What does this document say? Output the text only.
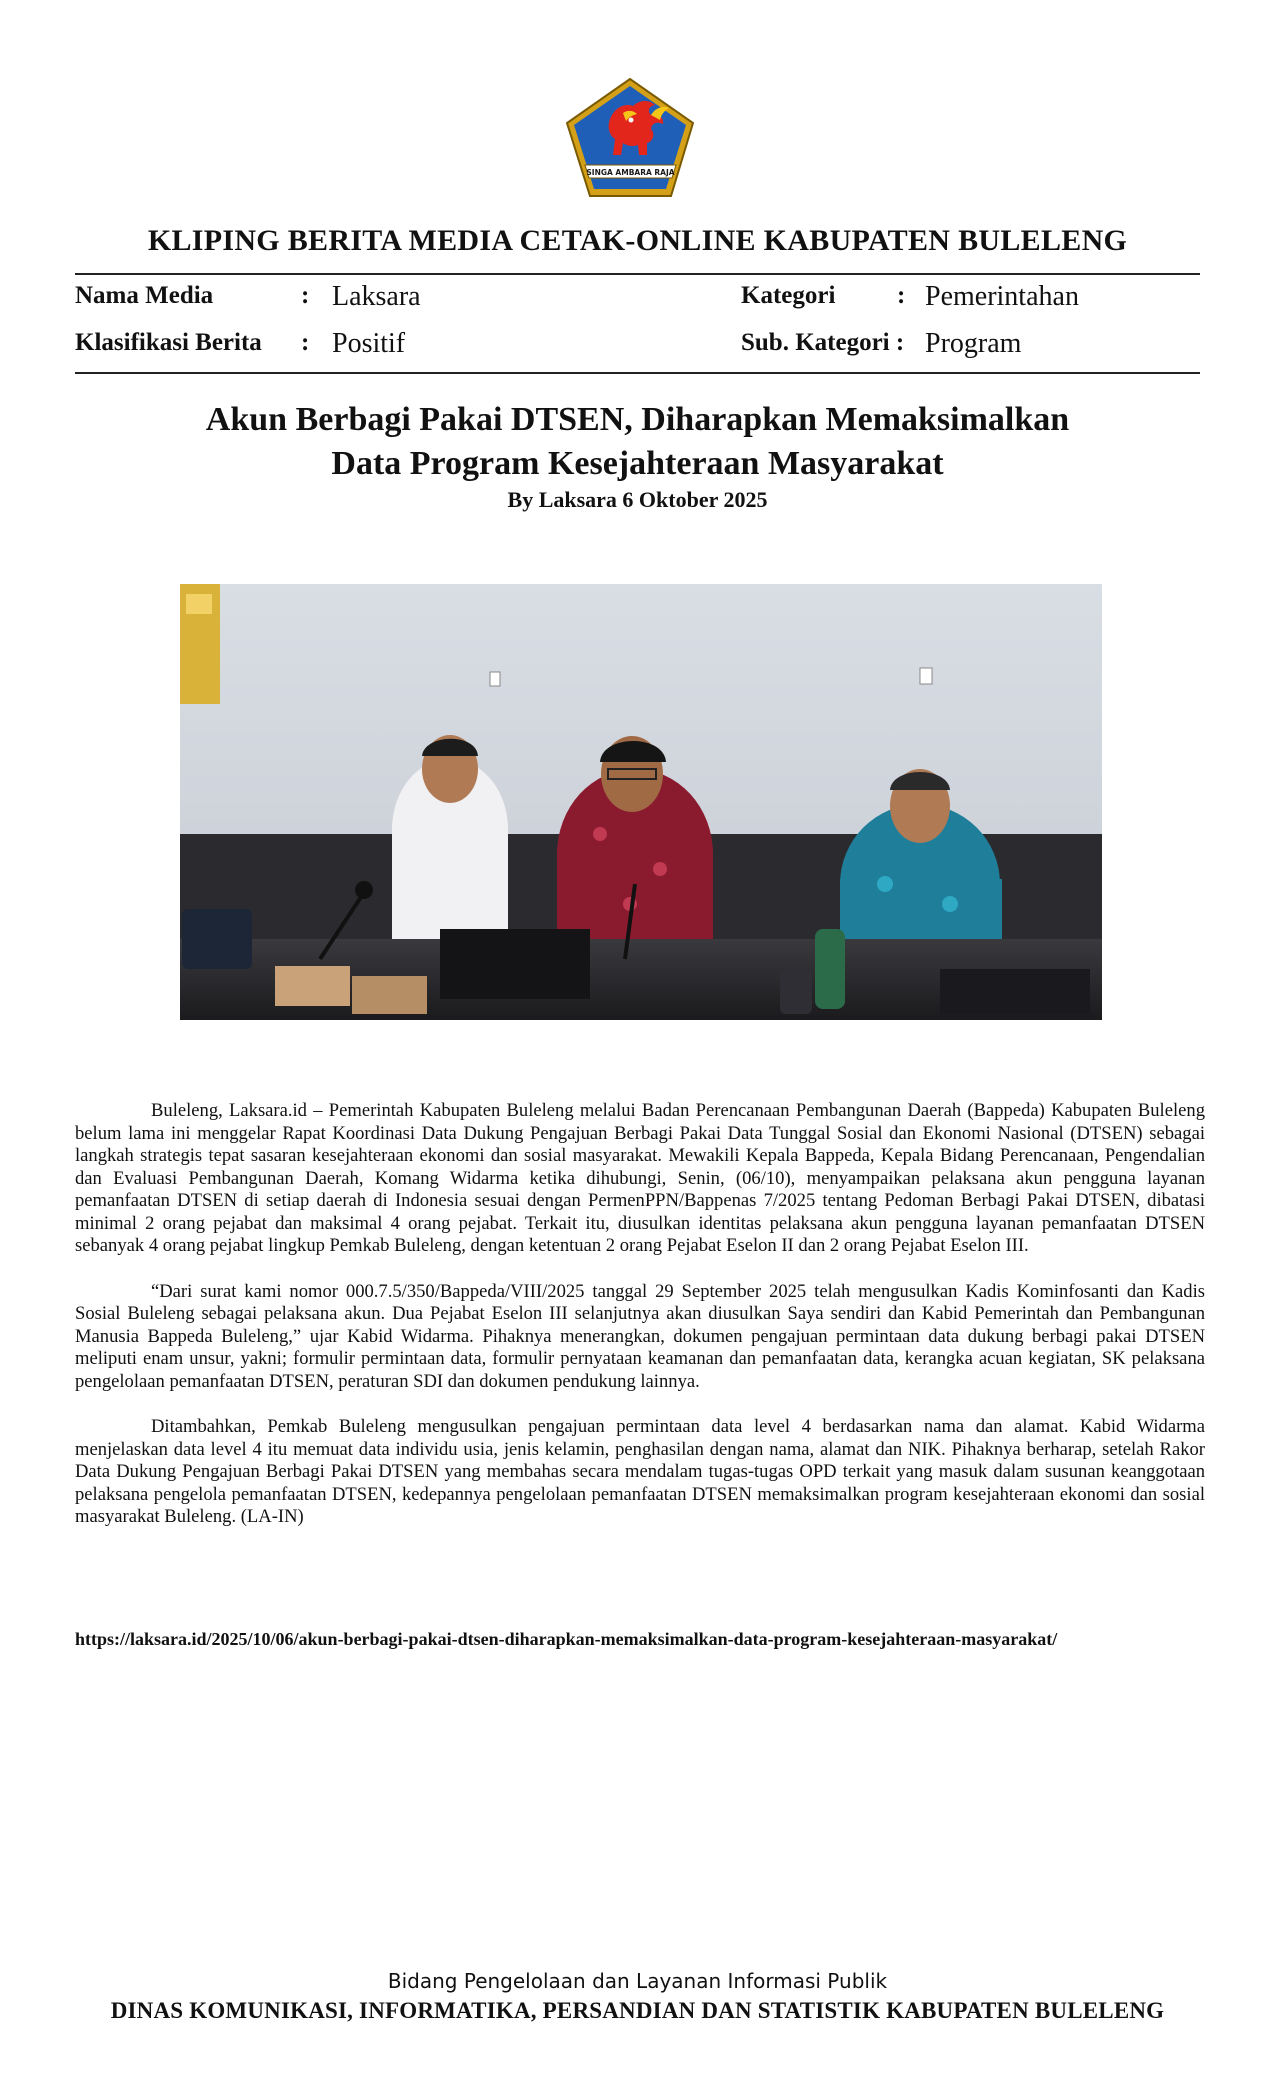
SINGA AMBARA RAJA
KLIPING BERITA MEDIA CETAK-ONLINE KABUPATEN BULELENG
Nama Media	: Laksara
Klasifikasi Berita : Positif
Kategori : Pemerintahan
Sub. Kategori : Program
Akun Berbagi Pakai DTSEN, Diharapkan Memaksimalkan
Data Program Kesejahteraan Masyarakat
By Laksara 6 Oktober 2025

Buleleng, Laksara.id – Pemerintah Kabupaten Buleleng melalui Badan Perencanaan Pembangunan Daerah (Bappeda) Kabupaten Buleleng belum lama ini menggelar Rapat Koordinasi Data Dukung Pengajuan Berbagi Pakai Data Tunggal Sosial dan Ekonomi Nasional (DTSEN) sebagai langkah strategis tepat sasaran kesejahteraan ekonomi dan sosial masyarakat. Mewakili Kepala Bappeda, Kepala Bidang Perencanaan, Pengendalian dan Evaluasi Pembangunan Daerah, Komang Widarma ketika dihubungi, Senin, (06/10), menyampaikan pelaksana akun pengguna layanan pemanfaatan DTSEN di setiap daerah di Indonesia sesuai dengan PermenPPN/Bappenas 7/2025 tentang Pedoman Berbagi Pakai DTSEN, dibatasi minimal 2 orang pejabat dan maksimal 4 orang pejabat. Terkait itu, diusulkan identitas pelaksana akun pengguna layanan pemanfaatan DTSEN sebanyak 4 orang pejabat lingkup Pemkab Buleleng, dengan ketentuan 2 orang Pejabat Eselon II dan 2 orang Pejabat Eselon III.

“Dari surat kami nomor 000.7.5/350/Bappeda/VIII/2025 tanggal 29 September 2025 telah mengusulkan Kadis Kominfosanti dan Kadis Sosial Buleleng sebagai pelaksana akun. Dua Pejabat Eselon III selanjutnya akan diusulkan Saya sendiri dan Kabid Pemerintah dan Pembangunan Manusia Bappeda Buleleng,” ujar Kabid Widarma. Pihaknya menerangkan, dokumen pengajuan permintaan data dukung berbagi pakai DTSEN meliputi enam unsur, yakni; formulir permintaan data, formulir pernyataan keamanan dan pemanfaatan data, kerangka acuan kegiatan, SK pelaksana pengelolaan pemanfaatan DTSEN, peraturan SDI dan dokumen pendukung lainnya.

Ditambahkan, Pemkab Buleleng mengusulkan pengajuan permintaan data level 4 berdasarkan nama dan alamat. Kabid Widarma menjelaskan data level 4 itu memuat data individu usia, jenis kelamin, penghasilan dengan nama, alamat dan NIK. Pihaknya berharap, setelah Rakor Data Dukung Pengajuan Berbagi Pakai DTSEN yang membahas secara mendalam tugas-tugas OPD terkait yang masuk dalam susunan keanggotaan pelaksana pengelola pemanfaatan DTSEN, kedepannya pengelolaan pemanfaatan DTSEN memaksimalkan program kesejahteraan ekonomi dan sosial masyarakat Buleleng. (LA-IN)

https://laksara.id/2025/10/06/akun-berbagi-pakai-dtsen-diharapkan-memaksimalkan-data-program-kesejahteraan-masyarakat/
Bidang Pengelolaan dan Layanan Informasi Publik
DINAS KOMUNIKASI, INFORMATIKA, PERSANDIAN DAN STATISTIK KABUPATEN BULELENG
